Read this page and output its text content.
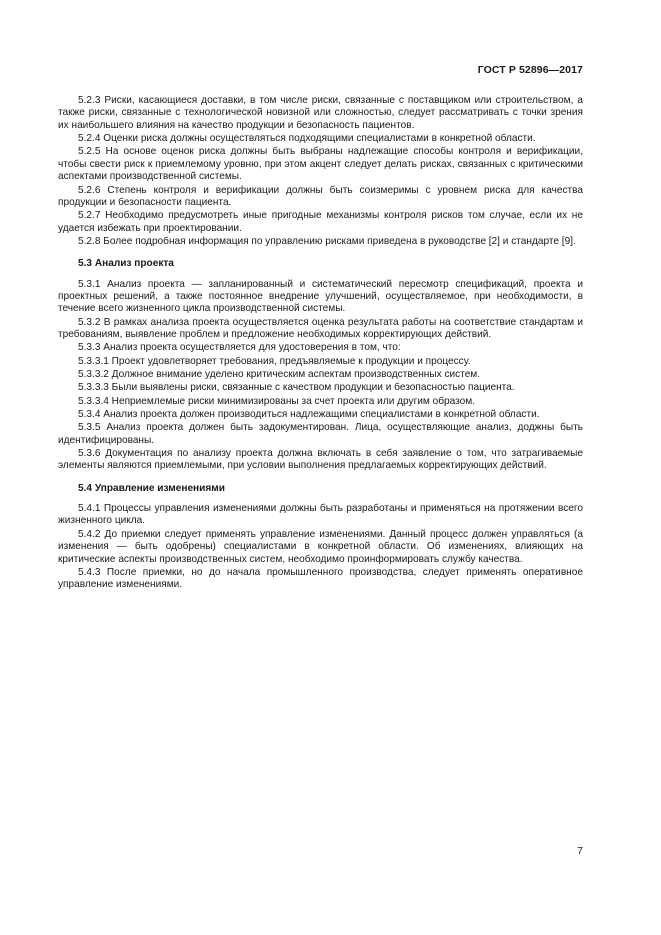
ГОСТ Р 52896—2017

5.2.3 Риски, касающиеся доставки, в том числе риски, связанные с поставщиком или строительством, а также риски, связанные с технологической новизной или сложностью, следует рассматривать с точки зрения их наибольшего влияния на качество продукции и безопасность пациентов.

5.2.4 Оценки риска должны осуществляться подходящими специалистами в конкретной области.

5.2.5 На основе оценок риска должны быть выбраны надлежащие способы контроля и верификации, чтобы свести риск к приемлемому уровню, при этом акцент следует делать рисках, связанных с критическими аспектами производственной системы.

5.2.6 Степень контроля и верификации должны быть соизмеримы с уровнем риска для качества продукции и безопасности пациента.

5.2.7 Необходимо предусмотреть иные пригодные механизмы контроля рисков том случае, если их не удается избежать при проектировании.

5.2.8 Более подробная информация по управлению рисками приведена в руководстве [2] и стандарте [9].

5.3 Анализ проекта

5.3.1 Анализ проекта — запланированный и систематический пересмотр спецификаций, проекта и проектных решений, а также постоянное внедрение улучшений, осуществляемое, при необходимости, в течение всего жизненного цикла производственной системы.

5.3.2 В рамках анализа проекта осуществляется оценка результата работы на соответствие стандартам и требованиям, выявление проблем и предложение необходимых корректирующих действий.

5.3.3 Анализ проекта осуществляется для удостоверения в том, что:

5.3.3.1 Проект удовлетворяет требования, предъявляемые к продукции и процессу.

5.3.3.2 Должное внимание уделено критическим аспектам производственных систем.

5.3.3.3 Были выявлены риски, связанные с качеством продукции и безопасностью пациента.

5.3.3.4 Неприемлемые риски минимизированы за счет проекта или другим образом.

5.3.4 Анализ проекта должен производиться надлежащими специалистами в конкретной области.

5.3.5 Анализ проекта должен быть задокументирован. Лица, осуществляющие анализ, доджны быть идентифицированы.

5.3.6 Документация по анализу проекта должна включать в себя заявление о том, что затрагиваемые элементы являются приемлемыми, при условии выполнения предлагаемых корректирующих действий.

5.4 Управление изменениями

5.4.1 Процессы управления изменениями должны быть разработаны и применяться на протяжении всего жизненного цикла.

5.4.2 До приемки следует применять управление изменениями. Данный процесс должен управляться (а изменения — быть одобрены) специалистами в конкретной области. Об изменениях, влияющих на критические аспекты производственных систем, необходимо проинформировать службу качества.

5.4.3 После приемки, но до начала промышленного производства, следует применять оперативное управление изменениями.

7
